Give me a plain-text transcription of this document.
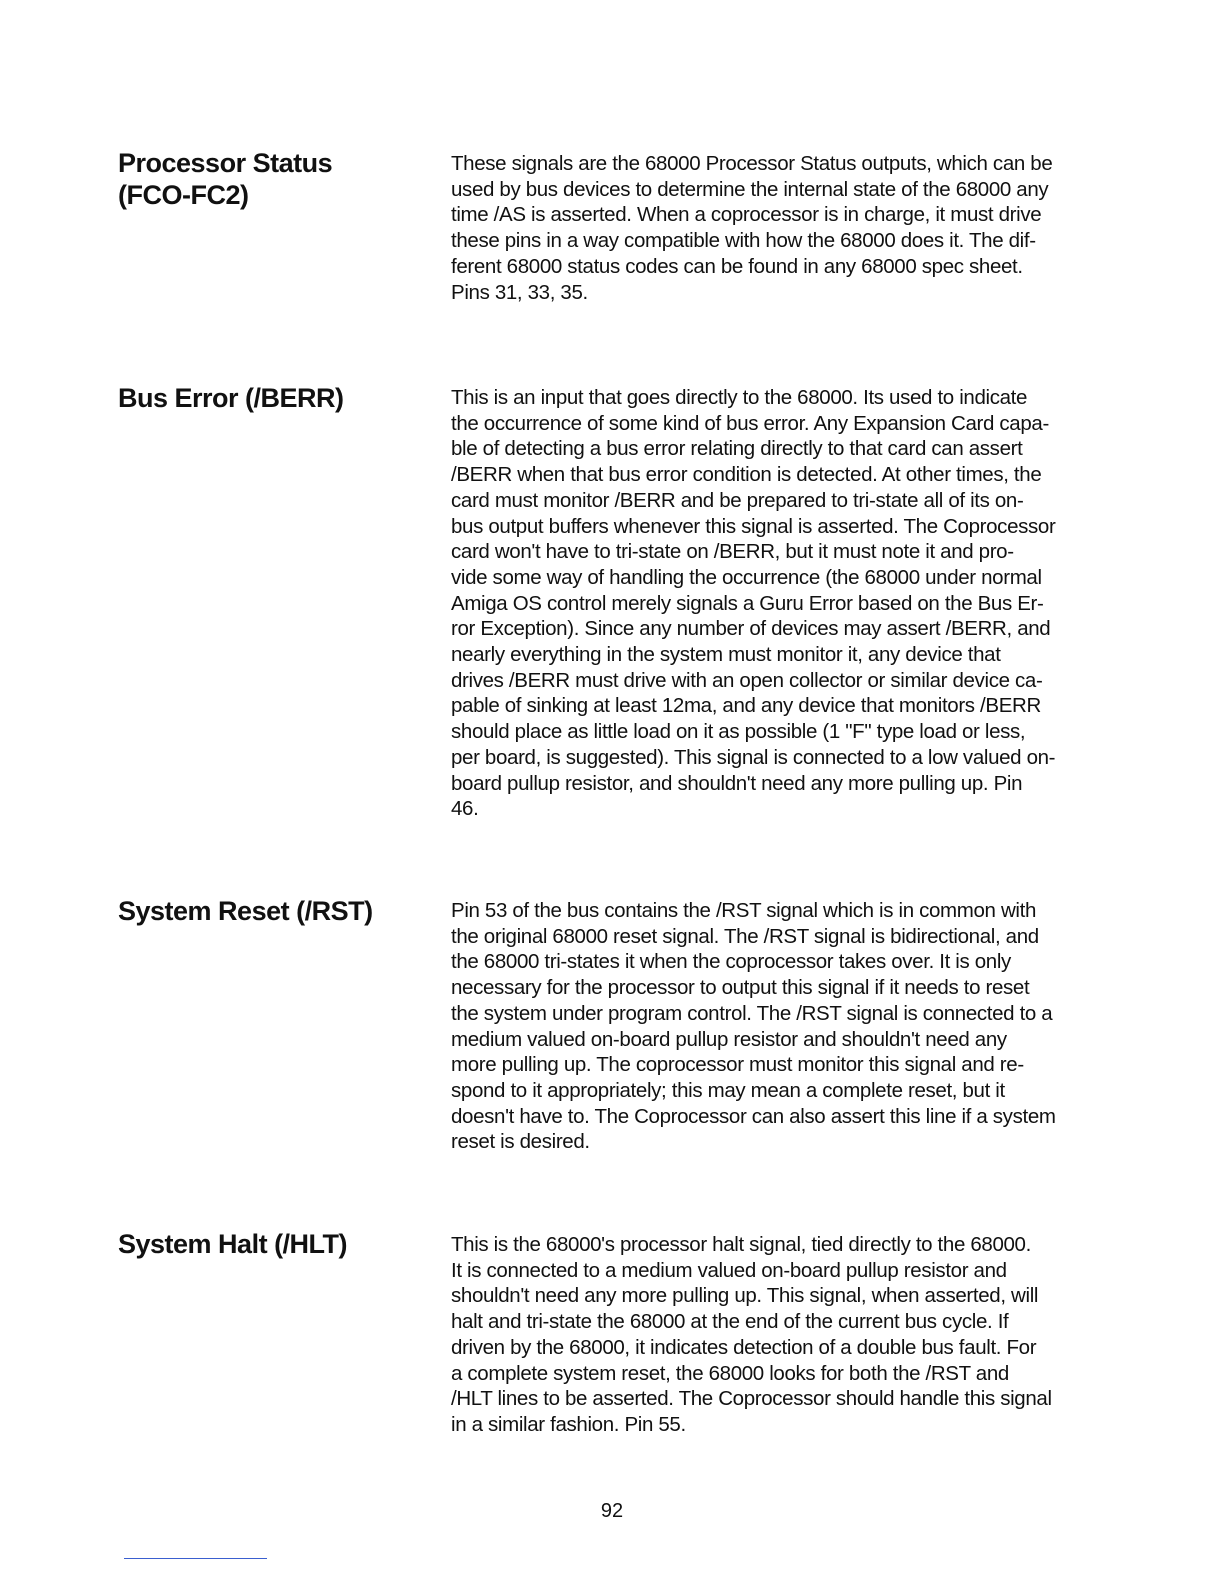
Processor Status
(FCO-FC2)

These signals are the 68000 Processor Status outputs, which can be
used by bus devices to determine the internal state of the 68000 any
time /AS is asserted. When a coprocessor is in charge, it must drive
these pins in a way compatible with how the 68000 does it. The dif-
ferent 68000 status codes can be found in any 68000 spec sheet.
Pins 31, 33, 35.

Bus Error (/BERR)	This is an input that goes directly to the 68000. Its used to indicate
the occurrence of some kind of bus error. Any Expansion Card capa-
ble of detecting a bus error relating directly to that card can assert
/BERR when that bus error condition is detected. At other times, the
card must monitor /BERR and be prepared to tri-state all of its on-
bus output buffers whenever this signal is asserted. The Coprocessor
card won't have to tri-state on /BERR, but it must note it and pro-
vide some way of handling the occurrence (the 68000 under normal
Amiga OS control merely signals a Guru Error based on the Bus Er-
ror Exception). Since any number of devices may assert /BERR, and
nearly everything in the system must monitor it, any device that
drives /BERR must drive with an open collector or similar device ca-
pable of sinking at least 12ma, and any device that monitors /BERR
should place as little load on it as possible (1 "F" type load or less,
per board, is suggested). This signal is connected to a low valued on-
board pullup resistor, and shouldn't need any more pulling up. Pin
46.

System Reset (/RST)	Pin 53 of the bus contains the /RST signal which is in common with
the original 68000 reset signal. The /RST signal is bidirectional, and
the 68000 tri-states it when the coprocessor takes over. It is only
necessary for the processor to output this signal if it needs to reset
the system under program control. The /RST signal is connected to a
medium valued on-board pullup resistor and shouldn't need any
more pulling up. The coprocessor must monitor this signal and re-
spond to it appropriately; this may mean a complete reset, but it
doesn't have to. The Coprocessor can also assert this line if a system
reset is desired.

System Halt (/HLT)	This is the 68000's processor halt signal, tied directly to the 68000.
It is connected to a medium valued on-board pullup resistor and
shouldn't need any more pulling up. This signal, when asserted, will
halt and tri-state the 68000 at the end of the current bus cycle. If
driven by the 68000, it indicates detection of a double bus fault. For
a complete system reset, the 68000 looks for both the /RST and
/HLT lines to be asserted. The Coprocessor should handle this signal
in a similar fashion. Pin 55.

92
